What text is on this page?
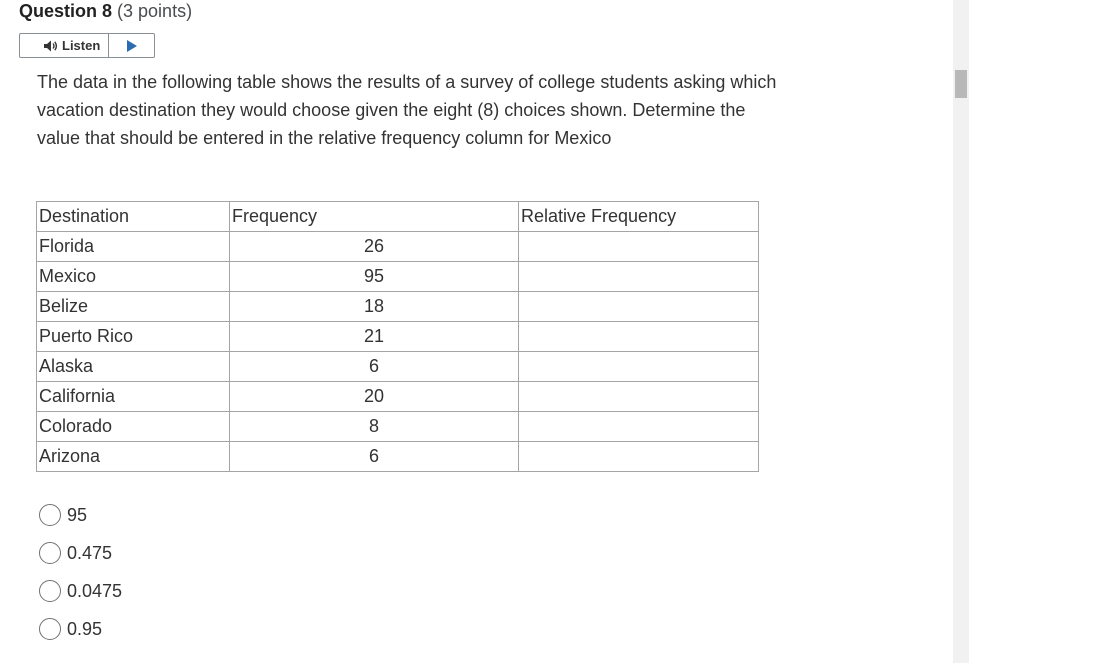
Question 8 (3 points)
Listen
The data in the following table shows the results of a survey of college students asking which vacation destination they would choose given the eight (8) choices shown. Determine the value that should be entered in the relative frequency column for Mexico
Destination	Frequency	Relative Frequency
Florida	26	
Mexico	95	
Belize	18	
Puerto Rico	21	
Alaska	6	
California	20	
Colorado	8	
Arizona	6	
95
0.475
0.0475
0.95
